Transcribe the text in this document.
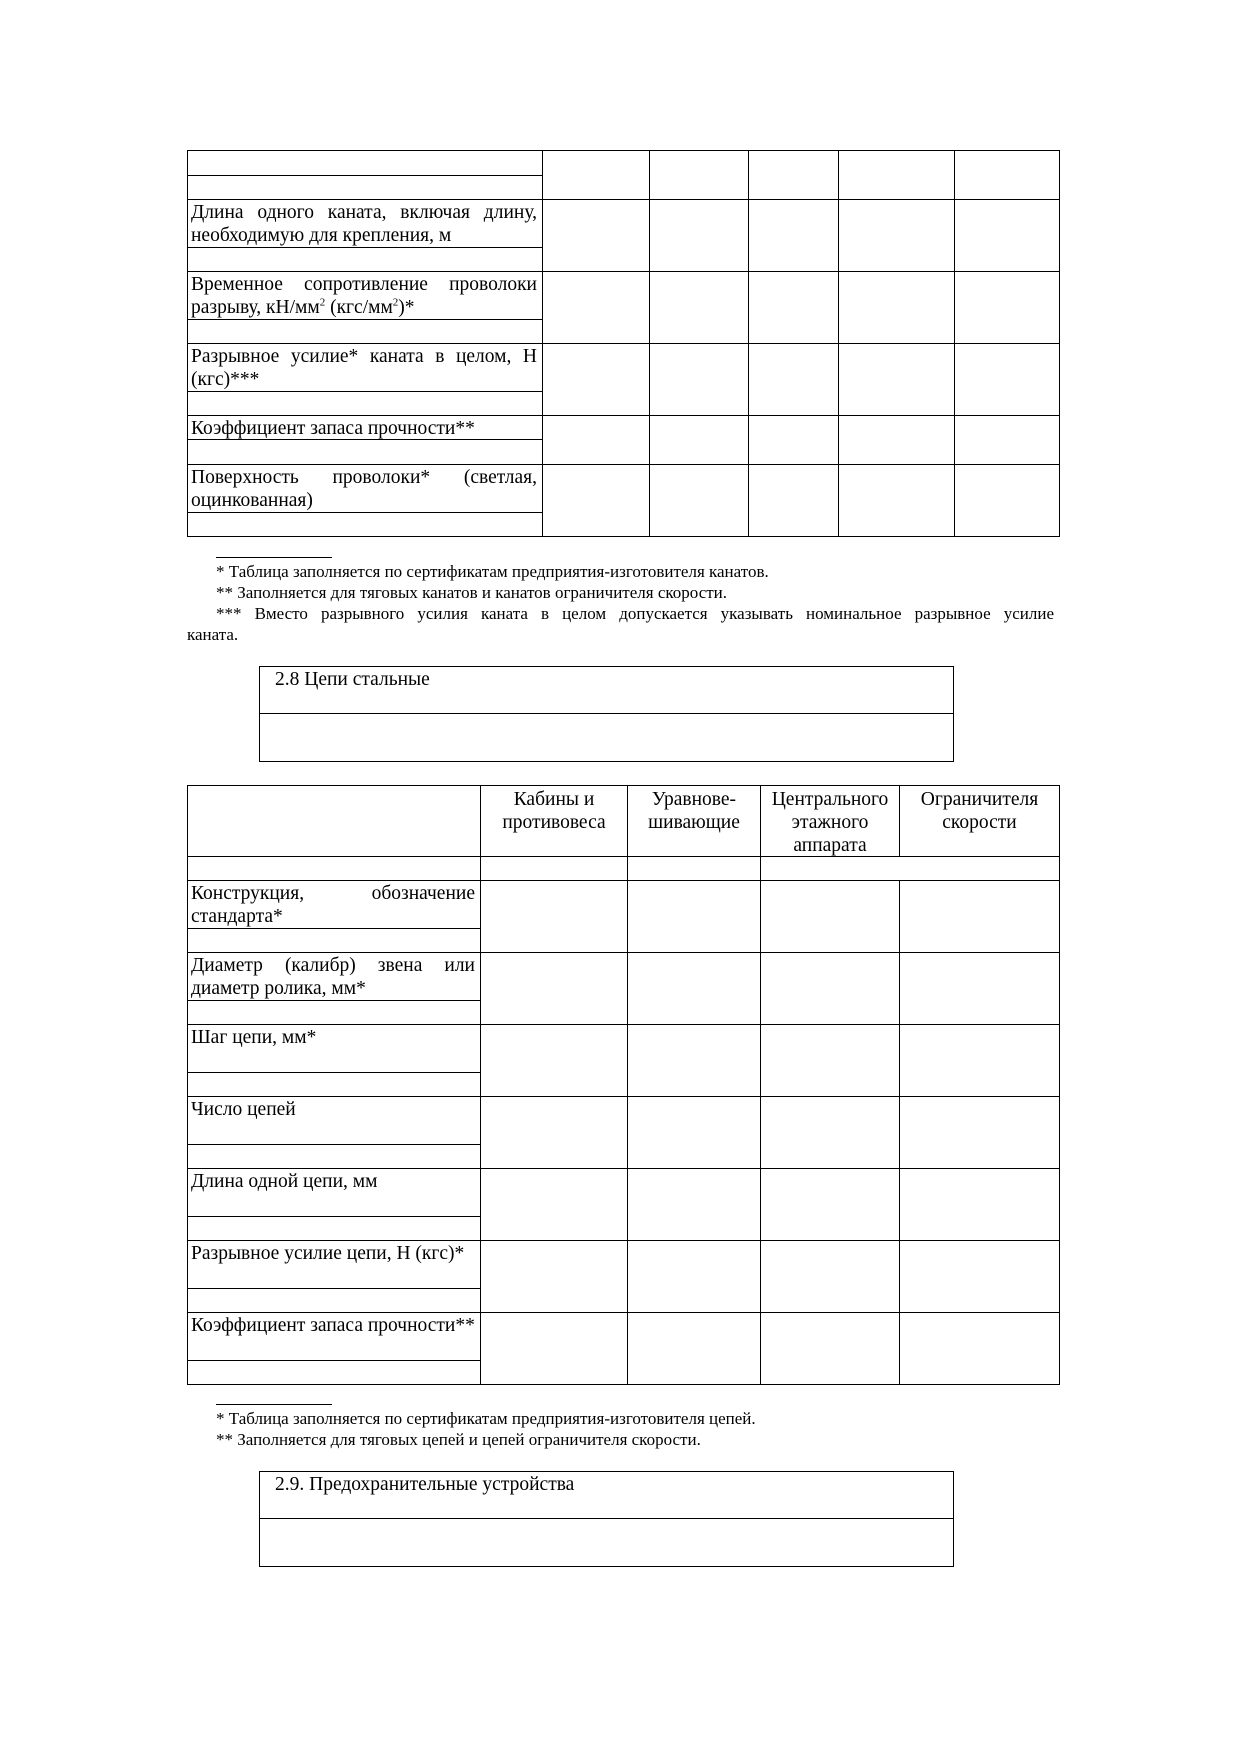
Длина одного каната, включая длину, необходимую для крепления, м
Временное сопротивление проволоки разрыву, $кН/мм^2$ $(кгс/мм^2)*$
Разрывное усилие* каната в целом, Н (кгс)***
Коэффициент запаса прочности**
Поверхность проволоки* (светлая, оцинкованная)
* Таблица заполняется по сертификатам предприятия-изготовителя канатов.
** Заполняется для тяговых канатов и канатов ограничителя скорости.
*** Вместо разрывного усилия каната в целом допускается указывать номинальное разрывное усилие
каната.
2.8 Цепи стальные
Кабины и
противовеса
Уравнове-
шивающие
Центрального
этажного
аппарата
Ограничителя
скорости
Конструкция, обозначение стандарта*
Диаметр (калибр) звена или диаметр ролика, мм*
Шаг цепи, мм*
Число цепей
Длина одной цепи, мм
Разрывное усилие цепи, Н (кгс)*
Коэффициент запаса прочности**
* Таблица заполняется по сертификатам предприятия-изготовителя цепей.
** Заполняется для тяговых цепей и цепей ограничителя скорости.
2.9. Предохранительные устройства
